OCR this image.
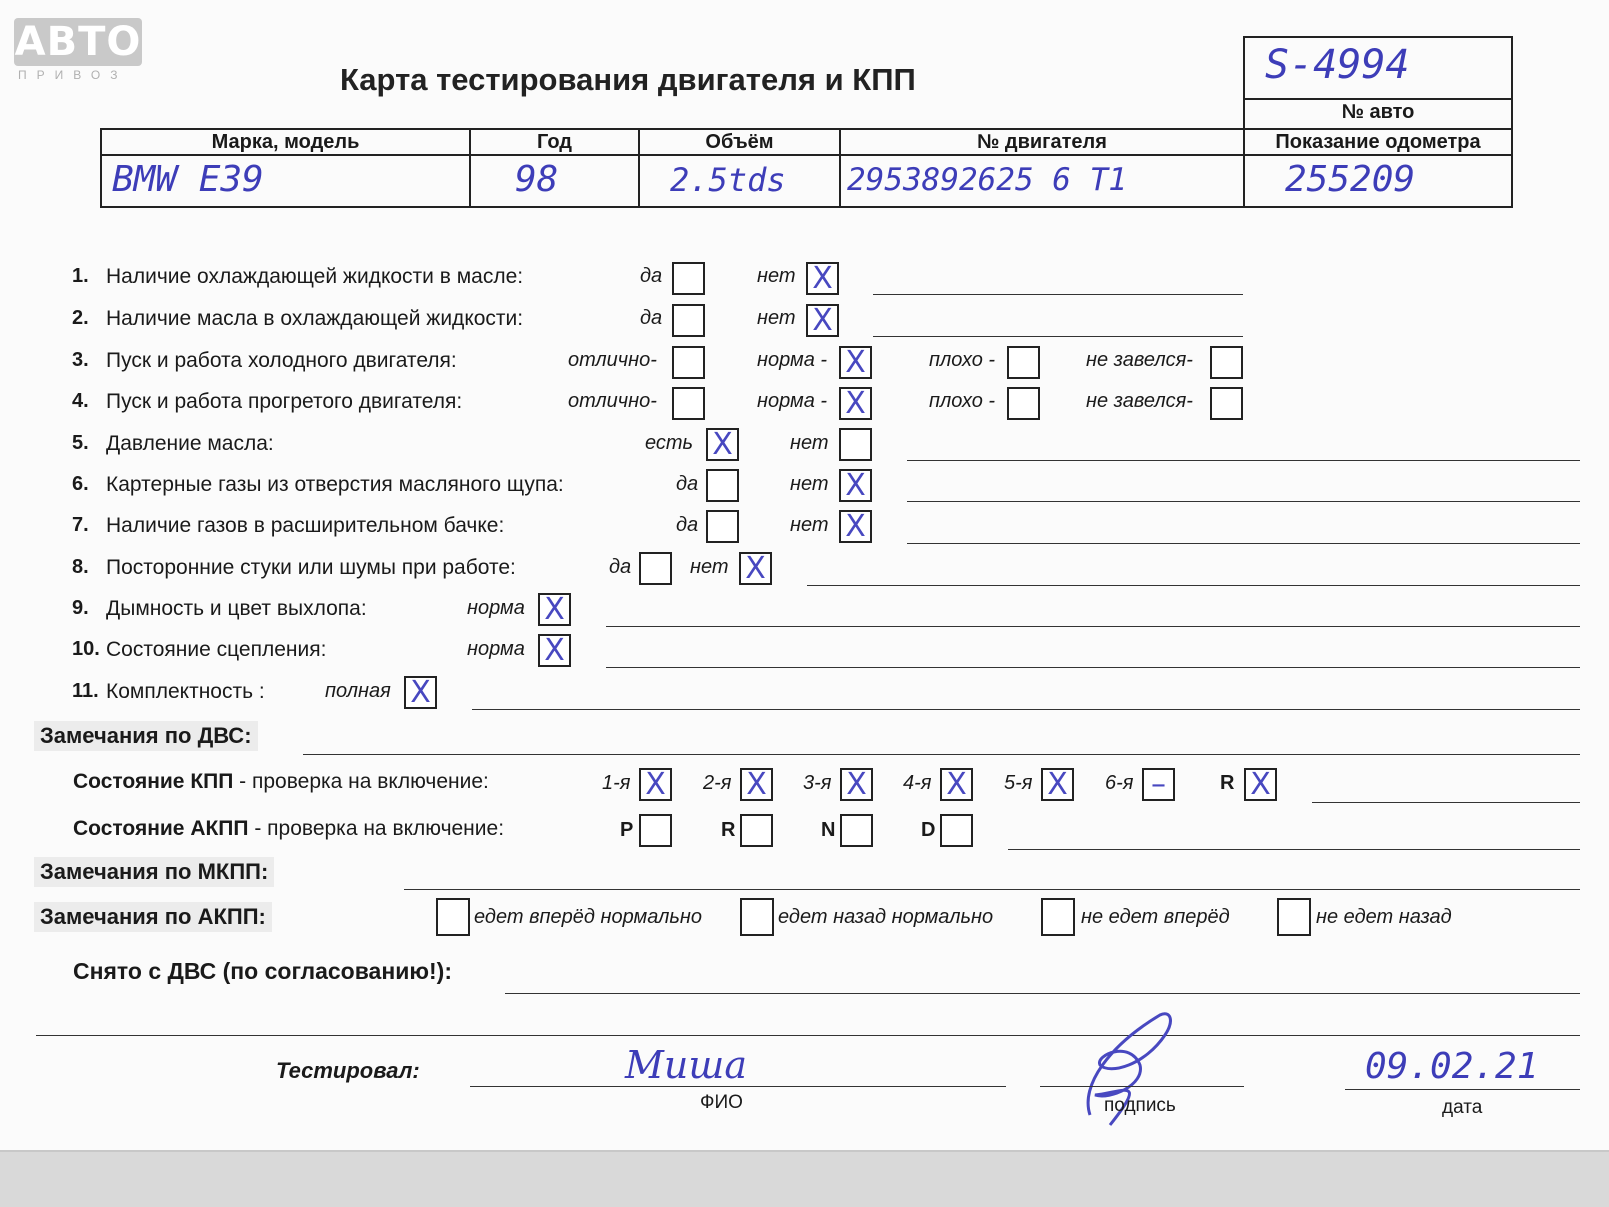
АВТО
ПРИВОЗ	Карта тестирования двигателя и КПП	S-4994
№ авто
Марка, модель	Год	Объём	№ двигателя	Показание одометра
BMW E39	98	2.5tds	2953892625 6 T1	255209
1. Наличие охлаждающей жидкости в масле:	да	нет X
2. Наличие масла в охлаждающей жидкости:	да	нет X
3. Пуск и работа холодного двигателя:	отлично-	норма - X	плохо -	не завелся-
4. Пуск и работа прогретого двигателя:	отлично-	норма - X	плохо -	не завелся-
5. Давление масла:	есть X	нет
6. Картерные газы из отверстия масляного щупа:	да	нет X
7. Наличие газов в расширительном бачке:	да	нет X
8. Посторонние стуки или шумы при работе:	да	нет X
9. Дымность и цвет выхлопа:	норма X
10. Состояние сцепления:	норма X
11. Комплектность :	полная X
Замечания по ДВС:
Состояние КПП - проверка на включение:	1-я X	2-я X	3-я X	4-я X	5-я X	6-я –	R X
Состояние АКПП - проверка на включение:	P	R	N	D
Замечания по МКПП:
Замечания по АКПП:	едет вперёд нормально	едет назад нормально	не едет вперёд	не едет назад
Снято с ДВС (по согласованию!):
Тестировал:	Миша
ФИО	подпись
09.02.21
дата
